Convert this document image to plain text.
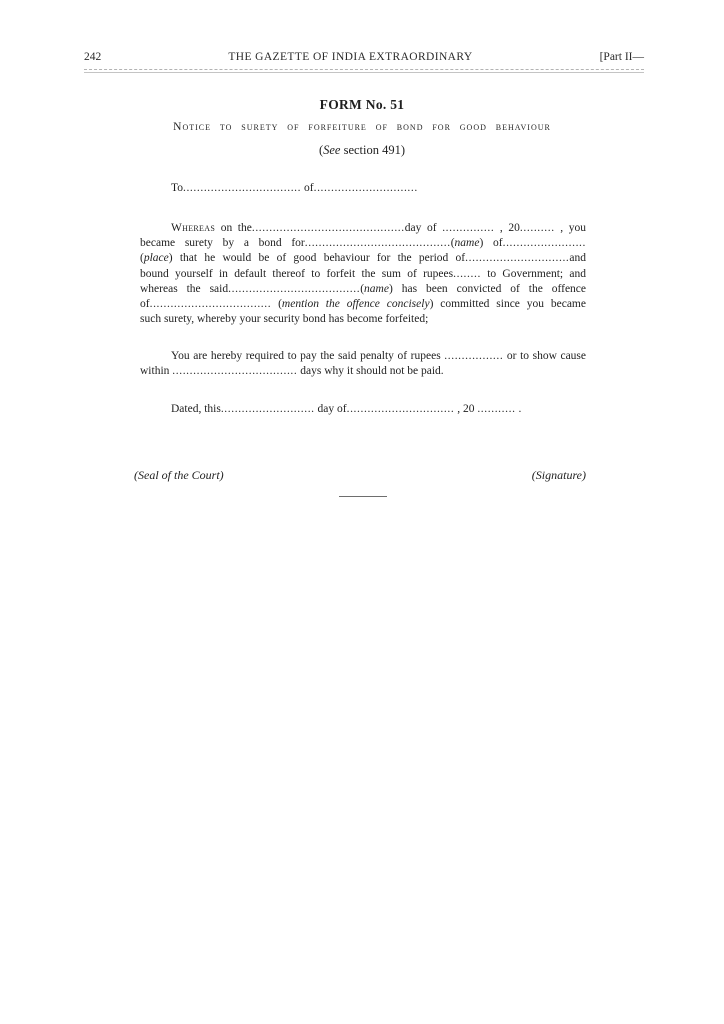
242	THE GAZETTE OF INDIA EXTRAORDINARY	[Part II—
FORM No. 51
Notice to surety of forfeiture of bond for good behaviour
(See section 491)
To.................................. of..............................
Whereas on the............................................day of ............... , 20.......... , you
became surety by a bond for..........................................(name) of........................
(place) that he would be of good behaviour for the period of..............................and
bound yourself in default thereof to forfeit the sum of rupees........ to Government; and
whereas the said......................................(name) has been convicted of the offence
of................................... (mention the offence concisely) committed since you became
such surety, whereby your security bond has become forfeited;
You are hereby required to pay the said penalty of rupees ................. or to show cause
within .................................... days why it should not be paid.
Dated, this........................... day of............................... , 20 ........... .
(Seal of the Court)	(Signature)
